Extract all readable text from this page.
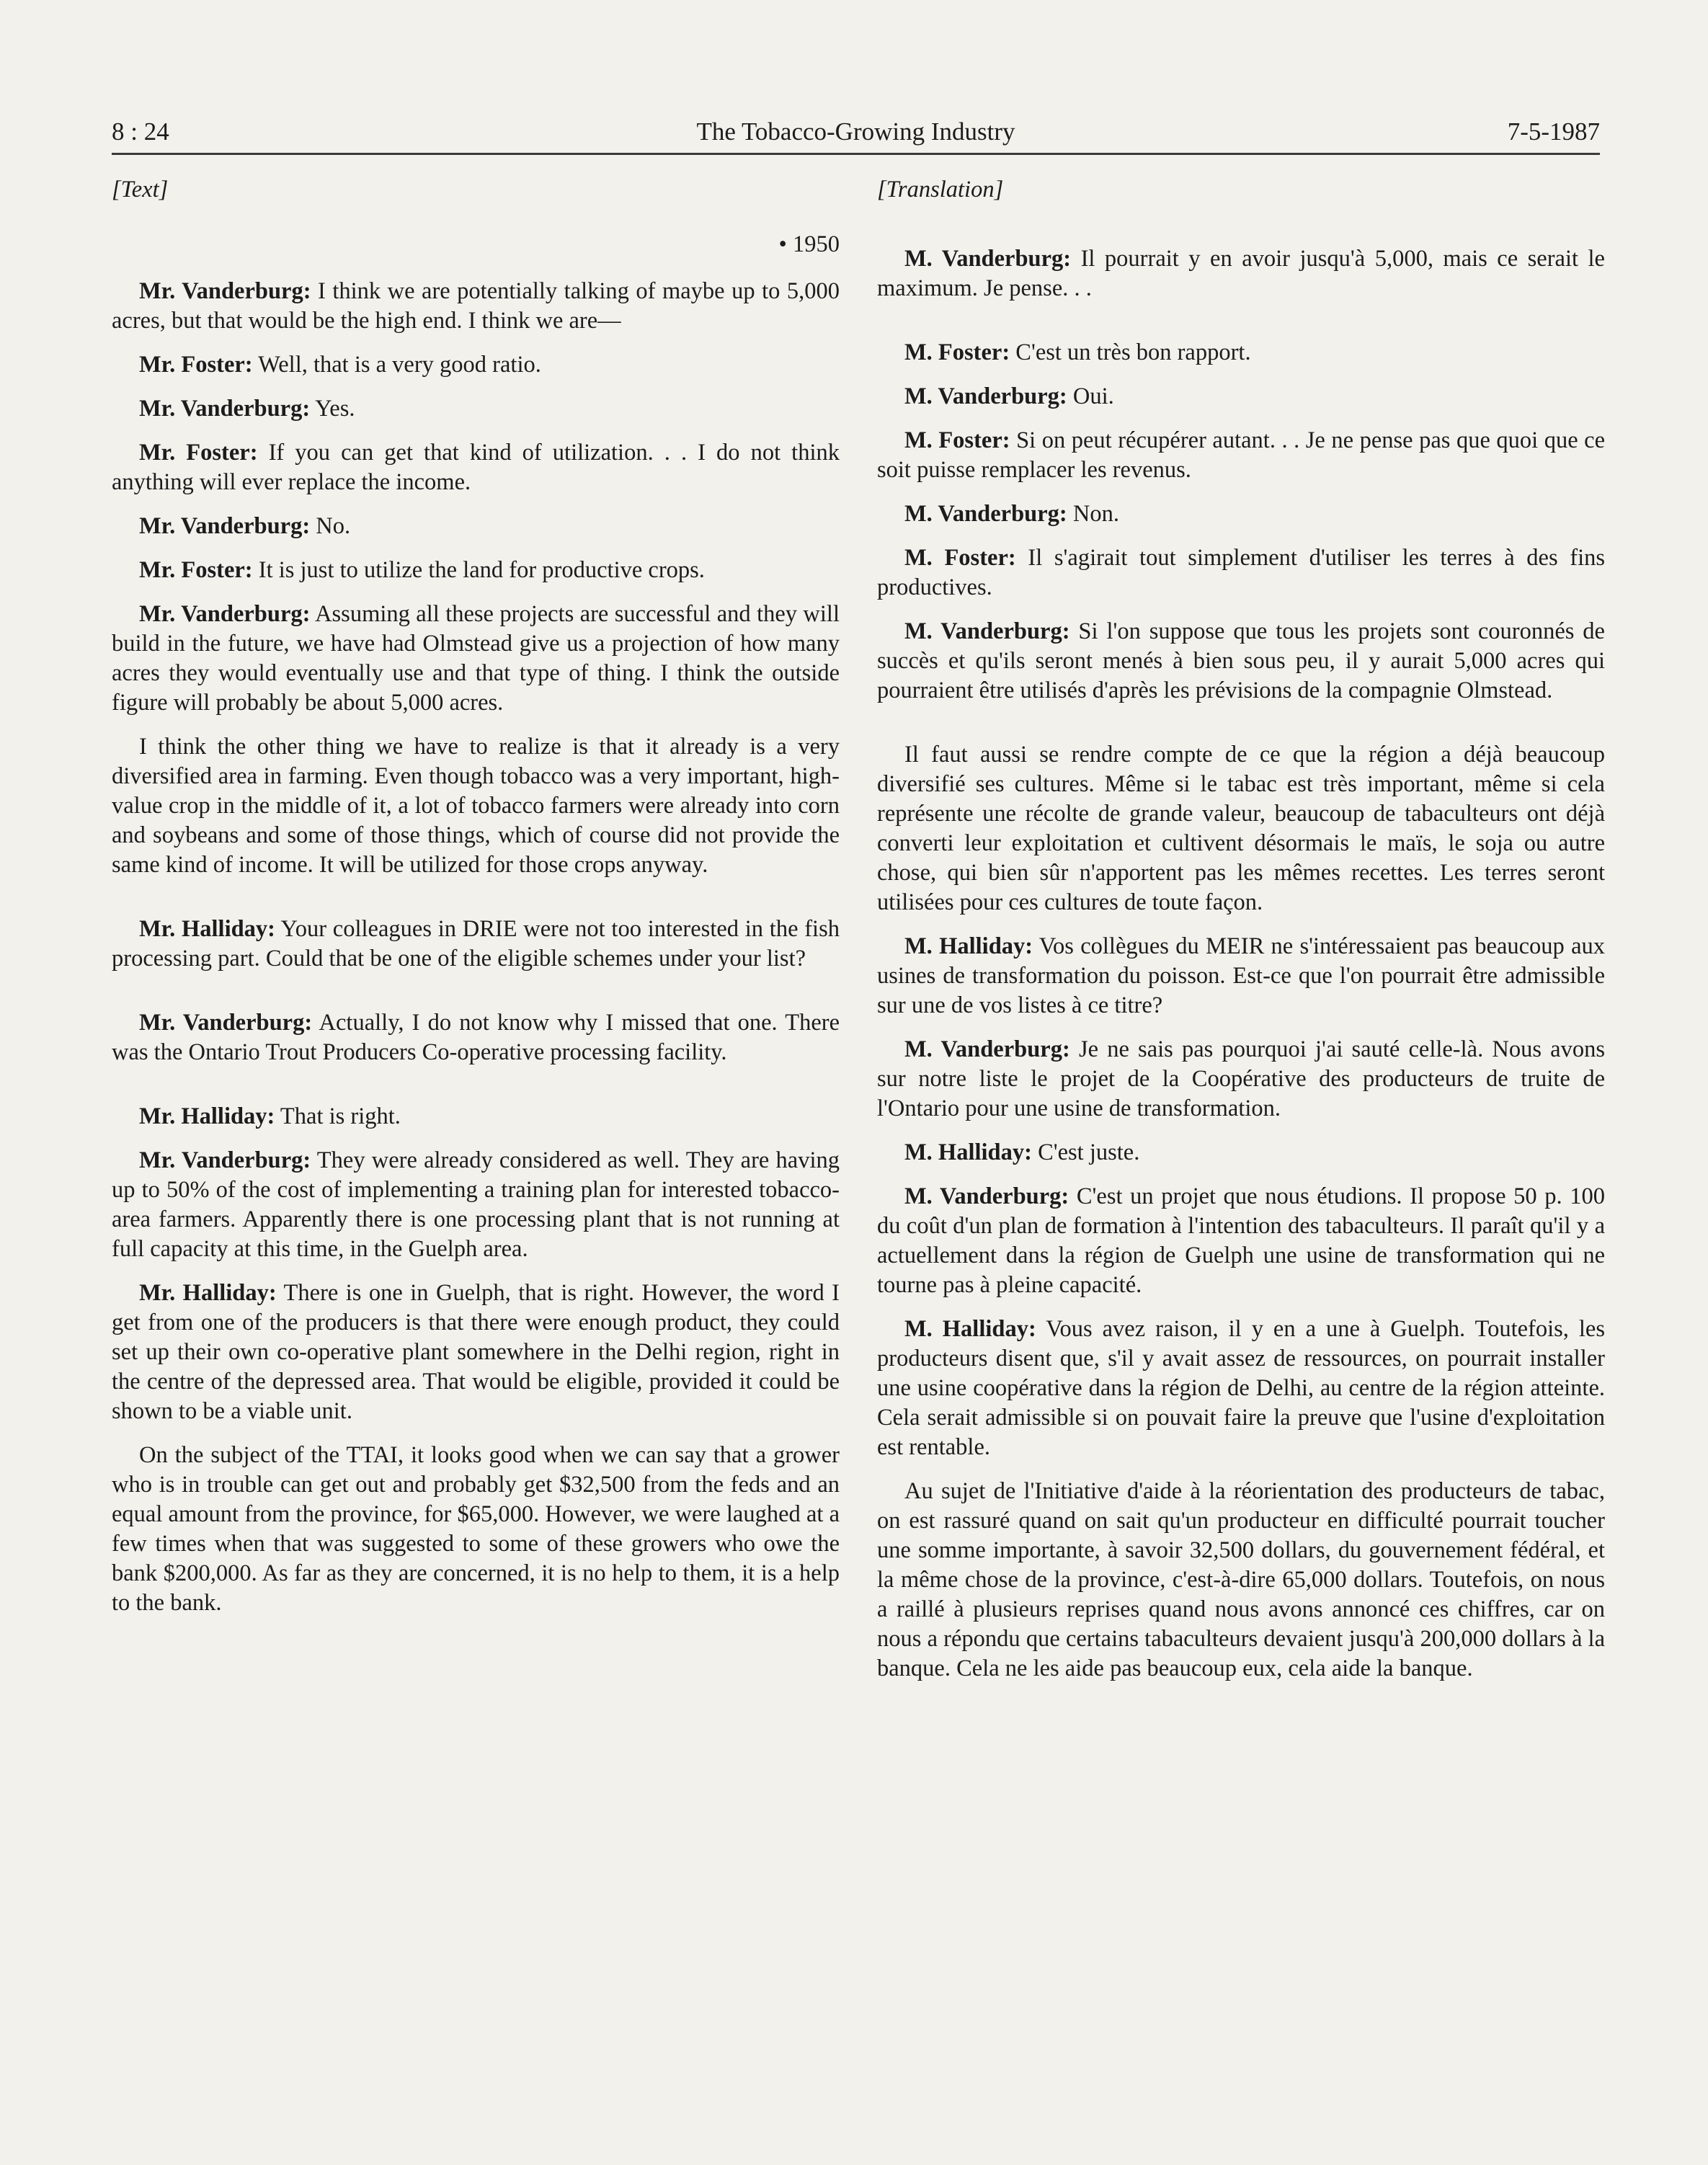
8 : 24	The Tobacco-Growing Industry	7-5-1987
[Text]
• 1950

Mr. Vanderburg: I think we are potentially talking of maybe up to 5,000 acres, but that would be the high end. I think we are—

Mr. Foster: Well, that is a very good ratio.

Mr. Vanderburg: Yes.

Mr. Foster: If you can get that kind of utilization. . . I do not think anything will ever replace the income.

Mr. Vanderburg: No.

Mr. Foster: It is just to utilize the land for productive crops.

Mr. Vanderburg: Assuming all these projects are successful and they will build in the future, we have had Olmstead give us a projection of how many acres they would eventually use and that type of thing. I think the outside figure will probably be about 5,000 acres.

I think the other thing we have to realize is that it already is a very diversified area in farming. Even though tobacco was a very important, high-value crop in the middle of it, a lot of tobacco farmers were already into corn and soybeans and some of those things, which of course did not provide the same kind of income. It will be utilized for those crops anyway.

Mr. Halliday: Your colleagues in DRIE were not too interested in the fish processing part. Could that be one of the eligible schemes under your list?

Mr. Vanderburg: Actually, I do not know why I missed that one. There was the Ontario Trout Producers Co-operative processing facility.

Mr. Halliday: That is right.

Mr. Vanderburg: They were already considered as well. They are having up to 50% of the cost of implementing a training plan for interested tobacco-area farmers. Apparently there is one processing plant that is not running at full capacity at this time, in the Guelph area.

Mr. Halliday: There is one in Guelph, that is right. However, the word I get from one of the producers is that there were enough product, they could set up their own co-operative plant somewhere in the Delhi region, right in the centre of the depressed area. That would be eligible, provided it could be shown to be a viable unit.

On the subject of the TTAI, it looks good when we can say that a grower who is in trouble can get out and probably get $32,500 from the feds and an equal amount from the province, for $65,000. However, we were laughed at a few times when that was suggested to some of these growers who owe the bank $200,000. As far as they are concerned, it is no help to them, it is a help to the bank.

[Translation]

M. Vanderburg: Il pourrait y en avoir jusqu'à 5,000, mais ce serait le maximum. Je pense. . .

M. Foster: C'est un très bon rapport.

M. Vanderburg: Oui.

M. Foster: Si on peut récupérer autant. . . Je ne pense pas que quoi que ce soit puisse remplacer les revenus.

M. Vanderburg: Non.

M. Foster: Il s'agirait tout simplement d'utiliser les terres à des fins productives.

M. Vanderburg: Si l'on suppose que tous les projets sont couronnés de succès et qu'ils seront menés à bien sous peu, il y aurait 5,000 acres qui pourraient être utilisés d'après les prévisions de la compagnie Olmstead.

Il faut aussi se rendre compte de ce que la région a déjà beaucoup diversifié ses cultures. Même si le tabac est très important, même si cela représente une récolte de grande valeur, beaucoup de tabaculteurs ont déjà converti leur exploitation et cultivent désormais le maïs, le soja ou autre chose, qui bien sûr n'apportent pas les mêmes recettes. Les terres seront utilisées pour ces cultures de toute façon.

M. Halliday: Vos collègues du MEIR ne s'intéressaient pas beaucoup aux usines de transformation du poisson. Est-ce que l'on pourrait être admissible sur une de vos listes à ce titre?

M. Vanderburg: Je ne sais pas pourquoi j'ai sauté celle-là. Nous avons sur notre liste le projet de la Coopérative des producteurs de truite de l'Ontario pour une usine de transformation.

M. Halliday: C'est juste.

M. Vanderburg: C'est un projet que nous étudions. Il propose 50 p. 100 du coût d'un plan de formation à l'intention des tabaculteurs. Il paraît qu'il y a actuellement dans la région de Guelph une usine de transformation qui ne tourne pas à pleine capacité.

M. Halliday: Vous avez raison, il y en a une à Guelph. Toutefois, les producteurs disent que, s'il y avait assez de ressources, on pourrait installer une usine coopérative dans la région de Delhi, au centre de la région atteinte. Cela serait admissible si on pouvait faire la preuve que l'usine d'exploitation est rentable.

Au sujet de l'Initiative d'aide à la réorientation des producteurs de tabac, on est rassuré quand on sait qu'un producteur en difficulté pourrait toucher une somme importante, à savoir 32,500 dollars, du gouvernement fédéral, et la même chose de la province, c'est-à-dire 65,000 dollars. Toutefois, on nous a raillé à plusieurs reprises quand nous avons annoncé ces chiffres, car on nous a répondu que certains tabaculteurs devaient jusqu'à 200,000 dollars à la banque. Cela ne les aide pas beaucoup eux, cela aide la banque.
